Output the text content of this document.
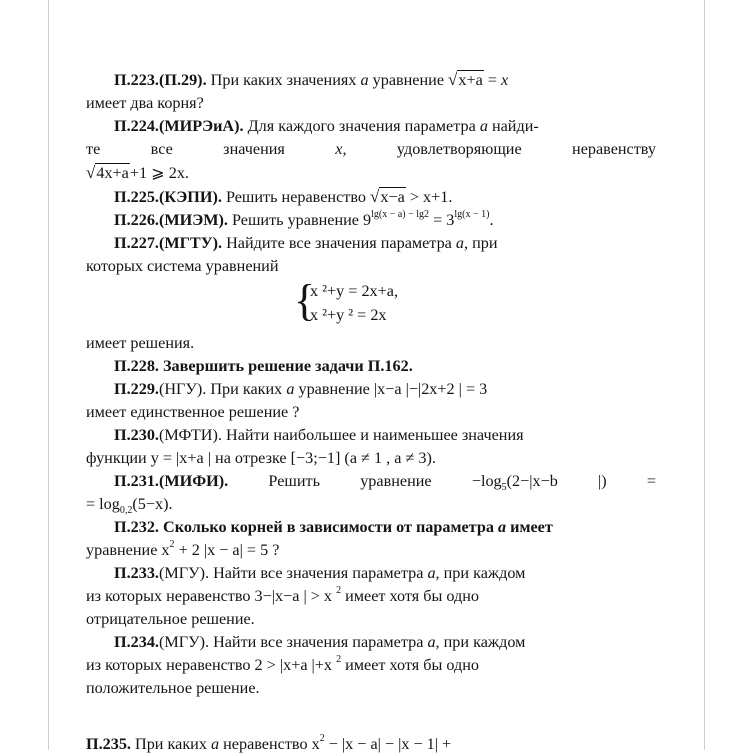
П.223.(П.29). При каких значениях a уравнение √x+a = x
имеет два корня?

П.224.(МИРЭиА). Для каждого значения параметра a найди-

те	все	значения	x,	удовлетворяющие	неравенству

√4x+a+1 ⩾ 2x.

П.225.(КЭПИ). Решить неравенство √x−a > x+1.

П.226.(МИЭМ). Решить уравнение $9^{lg(x - a) - lg2} = 3^{lg(x - 1)}$.

П.227.(МГТУ). Найдите все значения параметра a, при
которых система уравнений

{
x ²+y = 2x+a,
x ²+y ² = 2x

имеет решения.

П.228. Завершить решение задачи П.162.

П.229.(НГУ). При каких a уравнение |x−a |−|2x+2 | = 3
имеет единственное решение ?

П.230.(МФТИ). Найти наибольшее и наименьшее значения
функции y = |x+a | на отрезке [−3;−1] (a ≠ 1 , a ≠ 3).

П.231.(МИФИ). Решить уравнение $-\log_5(2-|x-b$ |) =

= $\log_{0,2}(5-x)$.

П.232. Сколько корней в зависимости от параметра a имеет
уравнение $x^2 + 2$ |x − a| = 5 ?

П.233.(МГУ). Найти все значения параметра a, при каждом
из которых неравенство 3−|x−a | > x $^2$ имеет хотя бы одно
отрицательное решение.

П.234.(МГУ). Найти все значения параметра a, при каждом
из которых неравенство 2 > |x+a |+x $^2$ имеет хотя бы одно
положительное решение.

П.235. При каких a неравенство $x^2 - |x - a| - |x - 1|$ +
